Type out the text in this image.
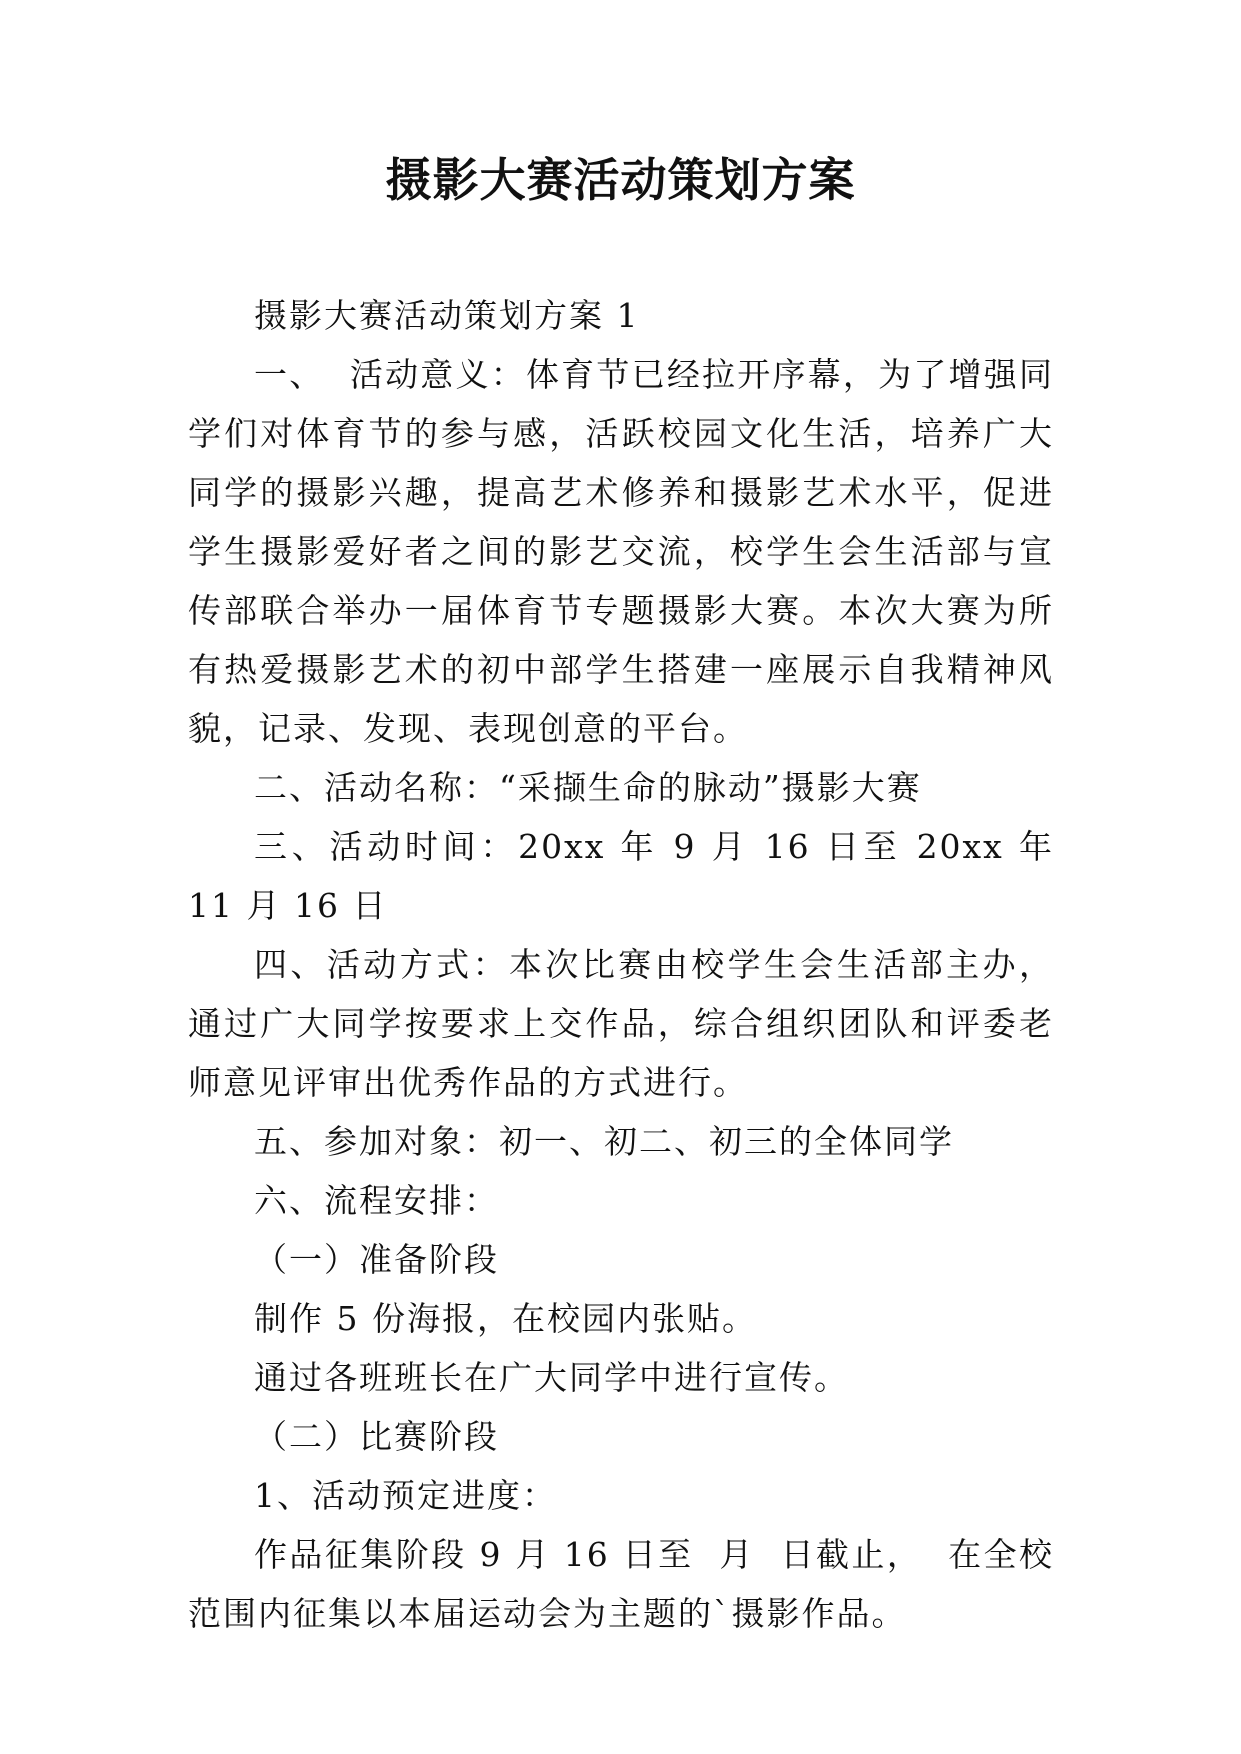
摄影大赛活动策划方案

摄影大赛活动策划方案 1

一、  活动意义：体育节已经拉开序幕，为了增强同学们对体育节的参与感，活跃校园文化生活，培养广大同学的摄影兴趣，提高艺术修养和摄影艺术水平，促进学生摄影爱好者之间的影艺交流，校学生会生活部与宣传部联合举办一届体育节专题摄影大赛。本次大赛为所有热爱摄影艺术的初中部学生搭建一座展示自我精神风貌，记录、发现、表现创意的平台。

二、活动名称：“采撷生命的脉动”摄影大赛

三、活动时间：20xx 年 9 月 16 日至 20xx 年 11 月 16 日

四、活动方式：本次比赛由校学生会生活部主办，通过广大同学按要求上交作品，综合组织团队和评委老师意见评审出优秀作品的方式进行。

五、参加对象：初一、初二、初三的全体同学

六、流程安排：

（一）准备阶段

制作 5 份海报，在校园内张贴。

通过各班班长在广大同学中进行宣传。

（二）比赛阶段

1、活动预定进度：

作品征集阶段 9 月 16 日至  月  日截止，  在全校范围内征集以本届运动会为主题的`摄影作品。
